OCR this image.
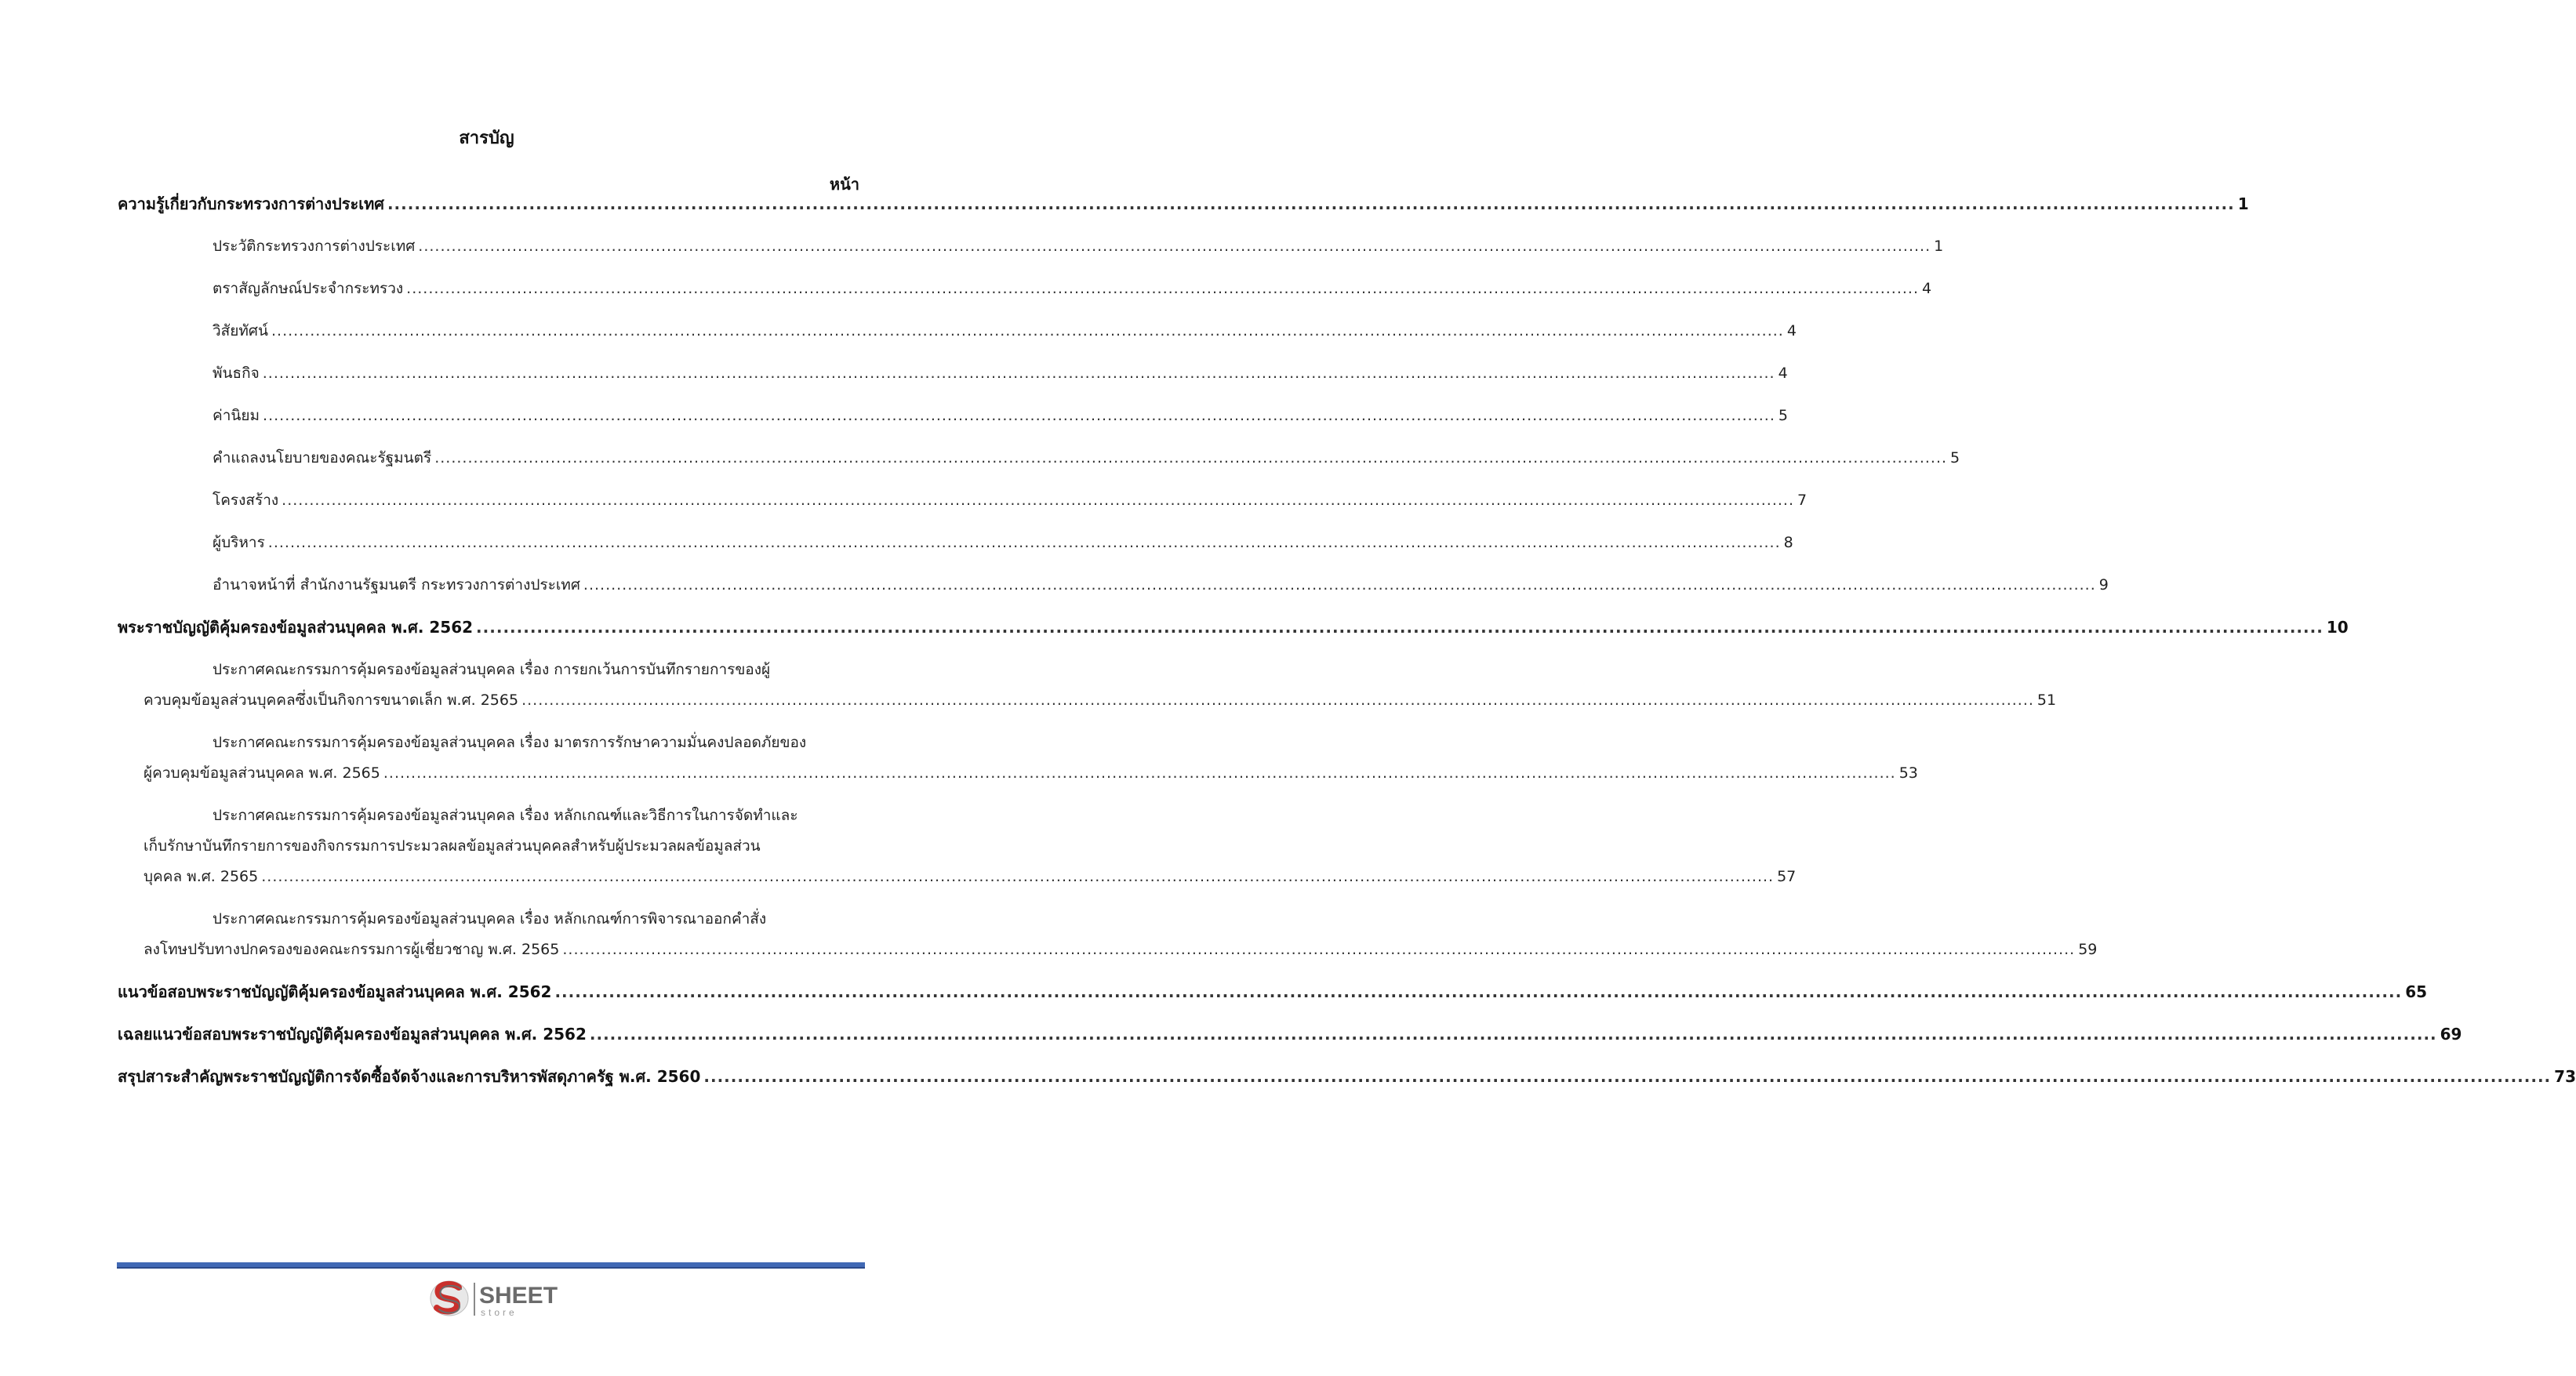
สารบัญ
หน้า
ความรู้เกี่ยวกับกระทรวงการต่างประเทศ .................................................................................................................................................................................................................................................................................. 1
ประวัติกระทรวงการต่างประเทศ .................................................................................................................................................................................................................................................................................. 1
ตราสัญลักษณ์ประจำกระทรวง .................................................................................................................................................................................................................................................................................. 4
วิสัยทัศน์ .................................................................................................................................................................................................................................................................................. 4
พันธกิจ .................................................................................................................................................................................................................................................................................. 4
ค่านิยม .................................................................................................................................................................................................................................................................................. 5
คำแถลงนโยบายของคณะรัฐมนตรี .................................................................................................................................................................................................................................................................................. 5
โครงสร้าง .................................................................................................................................................................................................................................................................................. 7
ผู้บริหาร .................................................................................................................................................................................................................................................................................. 8
อำนาจหน้าที่ สำนักงานรัฐมนตรี กระทรวงการต่างประเทศ .................................................................................................................................................................................................................................................................................. 9
พระราชบัญญัติคุ้มครองข้อมูลส่วนบุคคล พ.ศ. 2562 .................................................................................................................................................................................................................................................................................. 10
ประกาศคณะกรรมการคุ้มครองข้อมูลส่วนบุคคล เรื่อง การยกเว้นการบันทึกรายการของผู้
ควบคุมข้อมูลส่วนบุคคลซึ่งเป็นกิจการขนาดเล็ก พ.ศ. 2565 .................................................................................................................................................................................................................................................................................. 51
ประกาศคณะกรรมการคุ้มครองข้อมูลส่วนบุคคล เรื่อง มาตรการรักษาความมั่นคงปลอดภัยของ
ผู้ควบคุมข้อมูลส่วนบุคคล พ.ศ. 2565 .................................................................................................................................................................................................................................................................................. 53
ประกาศคณะกรรมการคุ้มครองข้อมูลส่วนบุคคล เรื่อง หลักเกณฑ์และวิธีการในการจัดทำและ
เก็บรักษาบันทึกรายการของกิจกรรมการประมวลผลข้อมูลส่วนบุคคลสำหรับผู้ประมวลผลข้อมูลส่วน
บุคคล พ.ศ. 2565 .................................................................................................................................................................................................................................................................................. 57
ประกาศคณะกรรมการคุ้มครองข้อมูลส่วนบุคคล เรื่อง หลักเกณฑ์การพิจารณาออกคำสั่ง
ลงโทษปรับทางปกครองของคณะกรรมการผู้เชี่ยวชาญ พ.ศ. 2565 .................................................................................................................................................................................................................................................................................. 59
แนวข้อสอบพระราชบัญญัติคุ้มครองข้อมูลส่วนบุคคล พ.ศ. 2562 .................................................................................................................................................................................................................................................................................. 65
เฉลยแนวข้อสอบพระราชบัญญัติคุ้มครองข้อมูลส่วนบุคคล พ.ศ. 2562 .................................................................................................................................................................................................................................................................................. 69
สรุปสาระสำคัญพระราชบัญญัติการจัดซื้อจัดจ้างและการบริหารพัสดุภาครัฐ พ.ศ. 2560 .................................................................................................................................................................................................................................................................................. 73
SHEET
store
